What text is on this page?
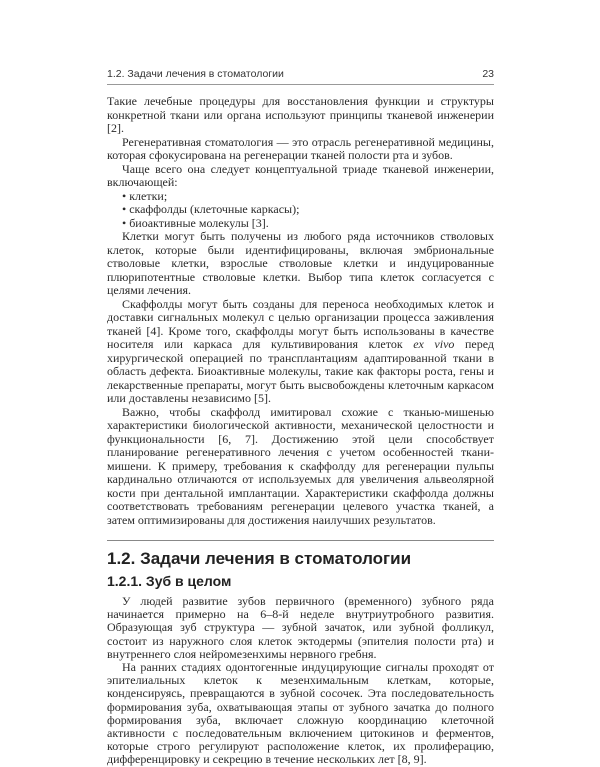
1.2. Задачи лечения в стоматологии	23

Такие лечебные процедуры для восстановления функции и структуры конкретной ткани или органа используют принципы тканевой инженерии [2].

Регенеративная стоматология — это отрасль регенеративной медицины, которая сфокусирована на регенерации тканей полости рта и зубов.

Чаще всего она следует концептуальной триаде тканевой инженерии, включающей:

• клетки;
• скаффолды (клеточные каркасы);
• биоактивные молекулы [3].

Клетки могут быть получены из любого ряда источников стволовых клеток, которые были идентифицированы, включая эмбриональные стволовые клетки, взрослые стволовые клетки и индуцированные плюрипотентные стволовые клетки. Выбор типа клеток согласуется с целями лечения.

Скаффолды могут быть созданы для переноса необходимых клеток и доставки сигнальных молекул с целью организации процесса заживления тканей [4]. Кроме того, скаффолды могут быть использованы в качестве носителя или каркаса для культивирования клеток ex vivo перед хирургической операцией по трансплантациям адаптированной ткани в область дефекта. Биоактивные молекулы, такие как факторы роста, гены и лекарственные препараты, могут быть высвобождены клеточным каркасом или доставлены независимо [5].

Важно, чтобы скаффолд имитировал схожие с тканью-мишенью характеристики биологической активности, механической целостности и функциональности [6, 7]. Достижению этой цели способствует планирование регенеративного лечения с учетом особенностей ткани-мишени. К примеру, требования к скаффолду для регенерации пульпы кардинально отличаются от используемых для увеличения альвеолярной кости при дентальной имплантации. Характеристики скаффолда должны соответствовать требованиям регенерации целевого участка тканей, а затем оптимизированы для достижения наилучших результатов.

1.2. Задачи лечения в стоматологии
1.2.1. Зуб в целом

У людей развитие зубов первичного (временного) зубного ряда начинается примерно на 6–8-й неделе внутриутробного развития. Образующая зуб структура — зубной зачаток, или зубной фолликул, состоит из наружного слоя клеток эктодермы (эпителия полости рта) и внутреннего слоя нейромезенхимы нервного гребня.

На ранних стадиях одонтогенные индуцирующие сигналы проходят от эпителиальных клеток к мезенхимальным клеткам, которые, конденсируясь, превращаются в зубной сосочек. Эта последовательность формирования зуба, охватывающая этапы от зубного зачатка до полного формирования зуба, включает сложную координацию клеточной активности с последовательным включением цитокинов и ферментов, которые строго регулируют расположение клеток, их пролиферацию, дифференцировку и секрецию в течение нескольких лет [8, 9].
